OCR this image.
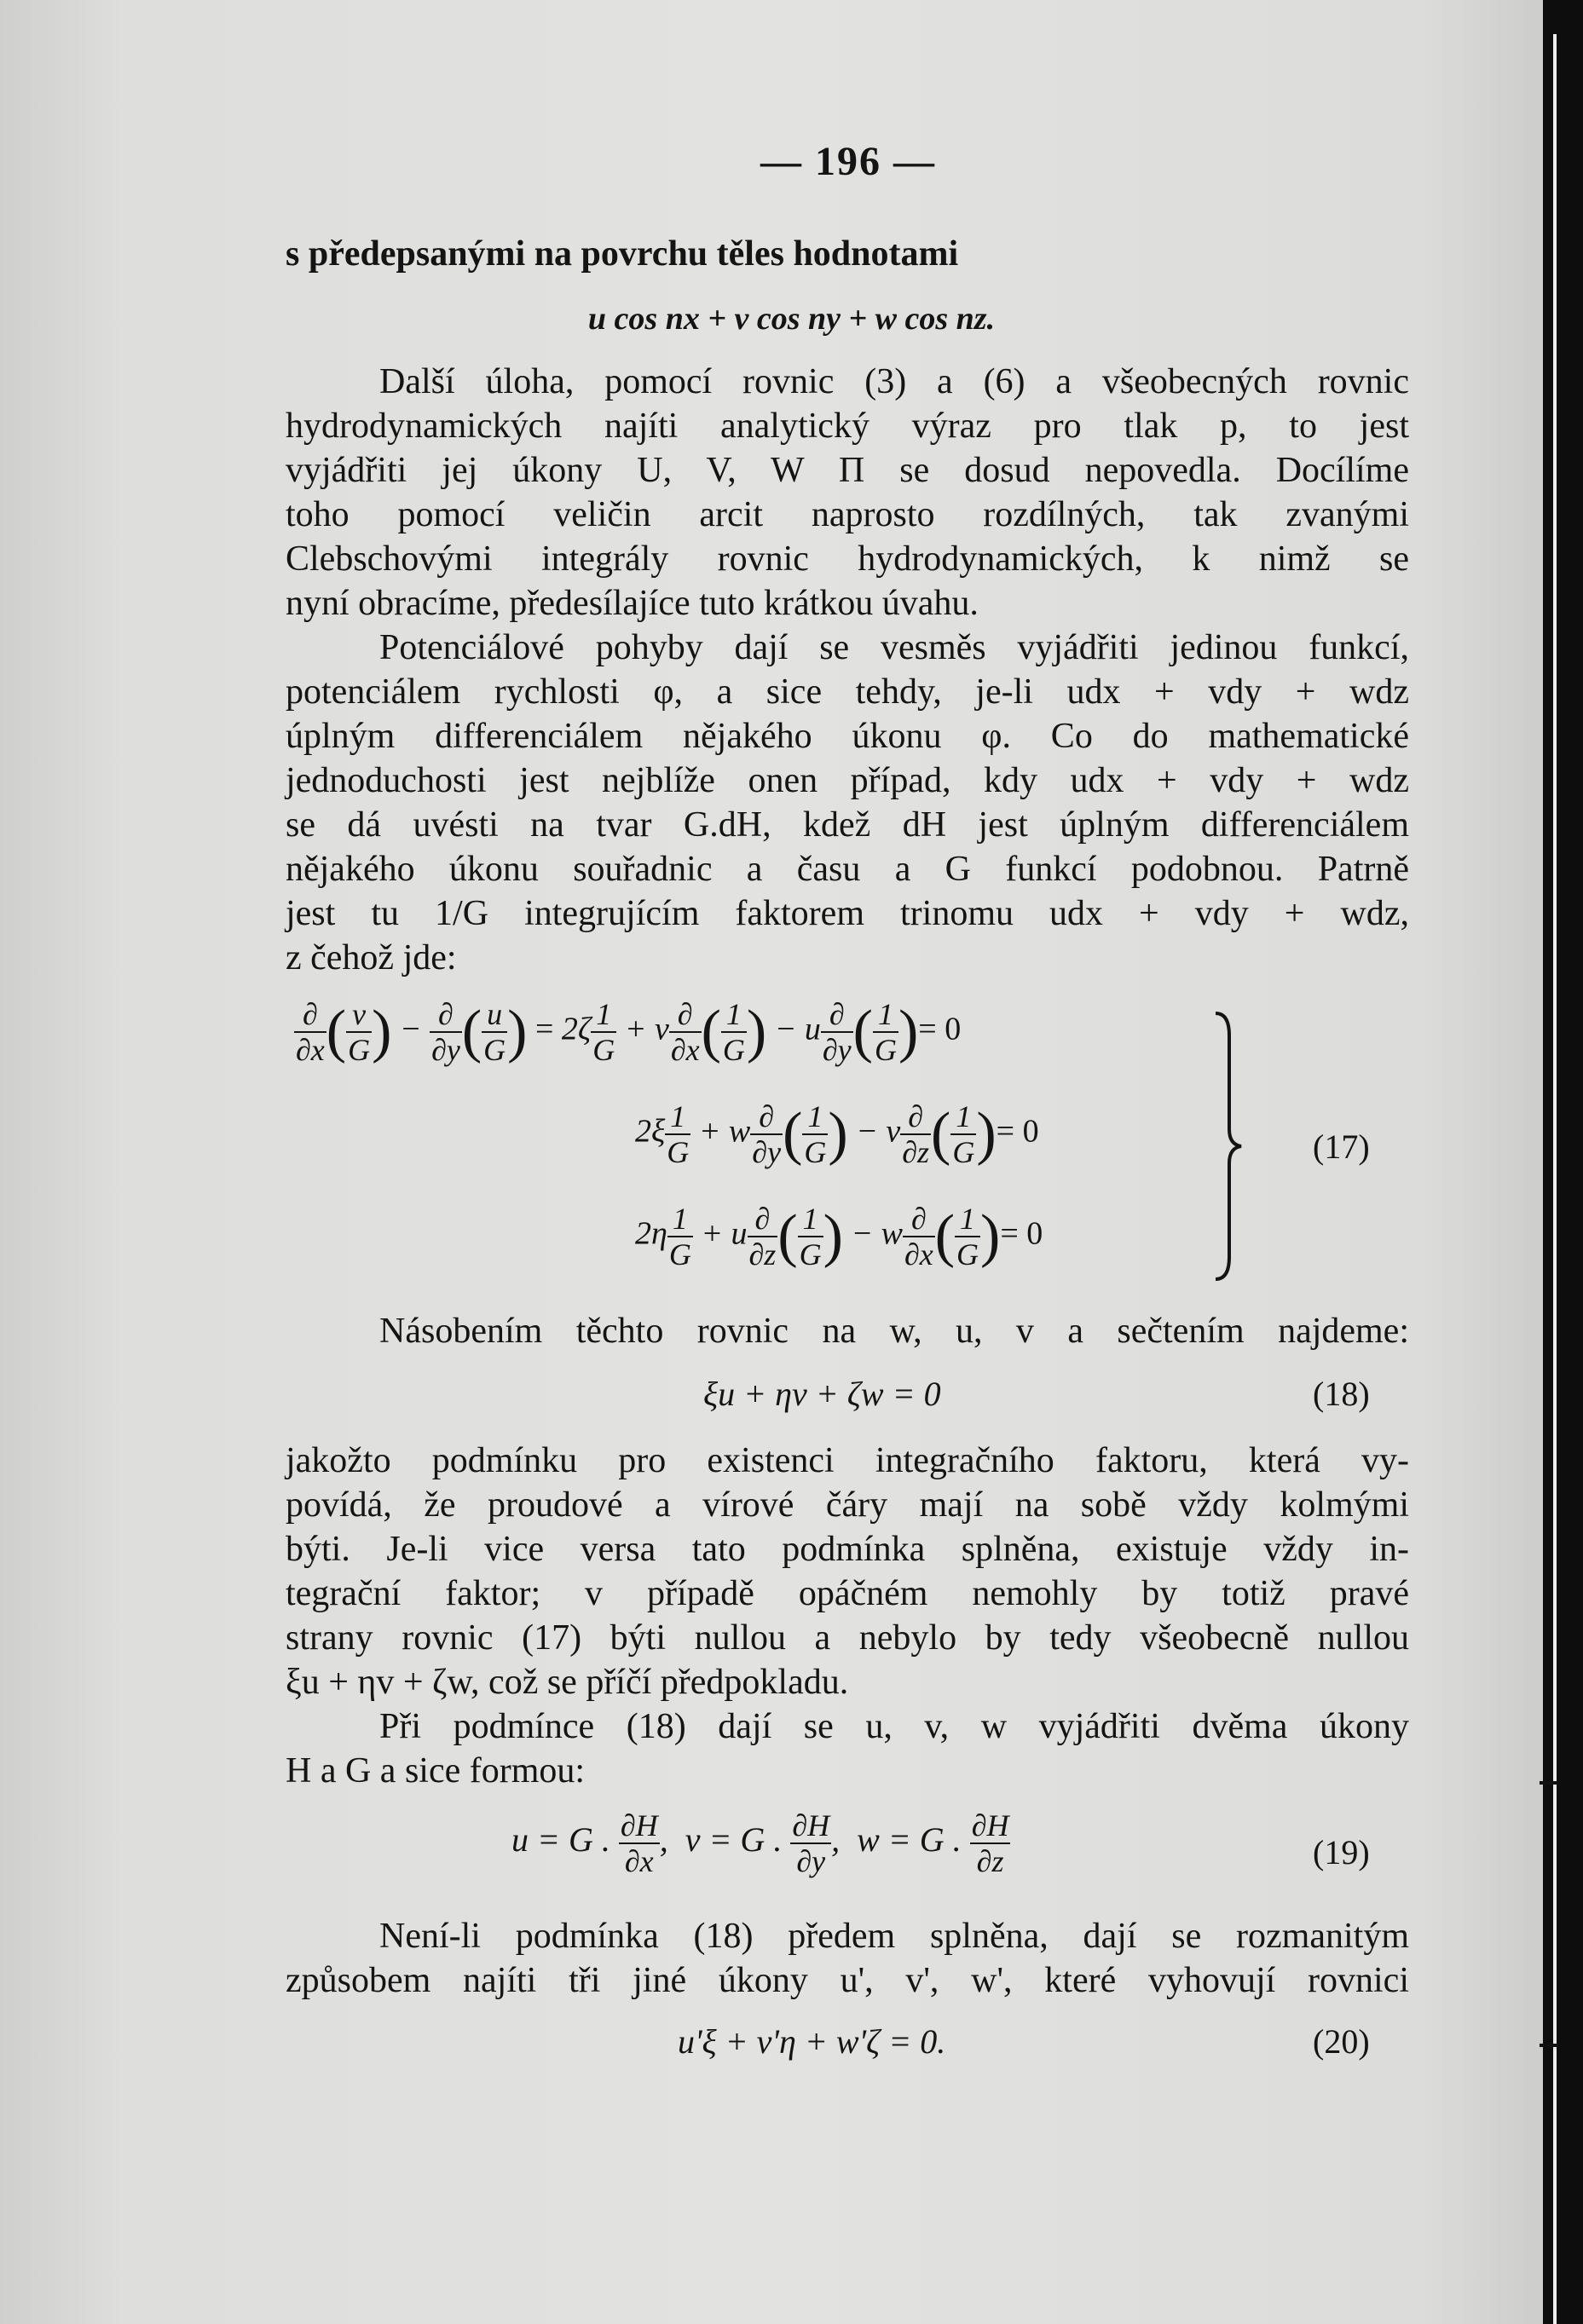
— 196 —
s předepsanými na povrchu těles hodnotami
u cos nx + v cos ny + w cos nz.
Další úloha, pomocí rovnic (3) a (6) a všeobecných rovnic
hydrodynamických najíti analytický výraz pro tlak p, to jest
vyjádřiti jej úkony U, V, W Π se dosud nepovedla. Docílíme
toho pomocí veličin arcit naprosto rozdílných, tak zvanými
Clebschovými integrály rovnic hydrodynamických, k nimž se
nyní obracíme, předesílajíce tuto krátkou úvahu.
Potenciálové pohyby dají se vesměs vyjádřiti jedinou funkcí,
potenciálem rychlosti φ, a sice tehdy, je-li udx + vdy + wdz
úplným differenciálem nějakého úkonu φ. Co do mathematické
jednoduchosti jest nejblíže onen případ, kdy udx + vdy + wdz
se dá uvésti na tvar G.dH, kdež dH jest úplným differenciálem
nějakého úkonu souřadnic a času a G funkcí podobnou. Patrně
jest tu 1/G integrujícím faktorem trinomu udx + vdy + wdz,
z čehož jde:
$\frac{\partial}{\partial x}$ ( $\frac{v}{G}$ ) − $\frac{\partial}{\partial y}$ ( $\frac{u}{G}$ ) = $2\zeta \frac{1}{G} + v \frac{\partial}{\partial x}$ ( $\frac{1}{G}$ ) − u $\frac{\partial}{\partial y}$ ( $\frac{1}{G}$ )= 0
$2\xi \frac{1}{G} + w \frac{\partial}{\partial y}$ ( $\frac{1}{G}$ ) − v $\frac{\partial}{\partial z}$ ( $\frac{1}{G}$ )= 0
$2\eta \frac{1}{G} + u \frac{\partial}{\partial z}$ ( $\frac{1}{G}$ ) − w $\frac{\partial}{\partial x}$ ( $\frac{1}{G}$ )= 0
(17)
Násobením těchto rovnic na w, u, v a sečtením najdeme:
ξu + ηv + ζw = 0	(18)
jakožto podmínku pro existenci integračního faktoru, která vy-
povídá, že proudové a vírové čáry mají na sobě vždy kolmými
býti. Je-li vice versa tato podmínka splněna, existuje vždy in-
tegrační faktor; v případě opáčném nemohly by totiž pravé
strany rovnic (17) býti nullou a nebylo by tedy všeobecně nullou
ξu + ηv + ζw, což se příčí předpokladu.
Při podmínce (18) dají se u, v, w vyjádřiti dvěma úkony
H a G a sice formou:
u = G . $\frac{\partial H}{\partial x}$ ,  v = G . $\frac{\partial H}{\partial y}$ ,  w = G . $\frac{\partial H}{\partial z}$	(19)
Není-li podmínka (18) předem splněna, dají se rozmanitým
způsobem najíti tři jiné úkony u', v', w', které vyhovují rovnici
u'ξ + v'η + w'ζ = 0.	(20)
